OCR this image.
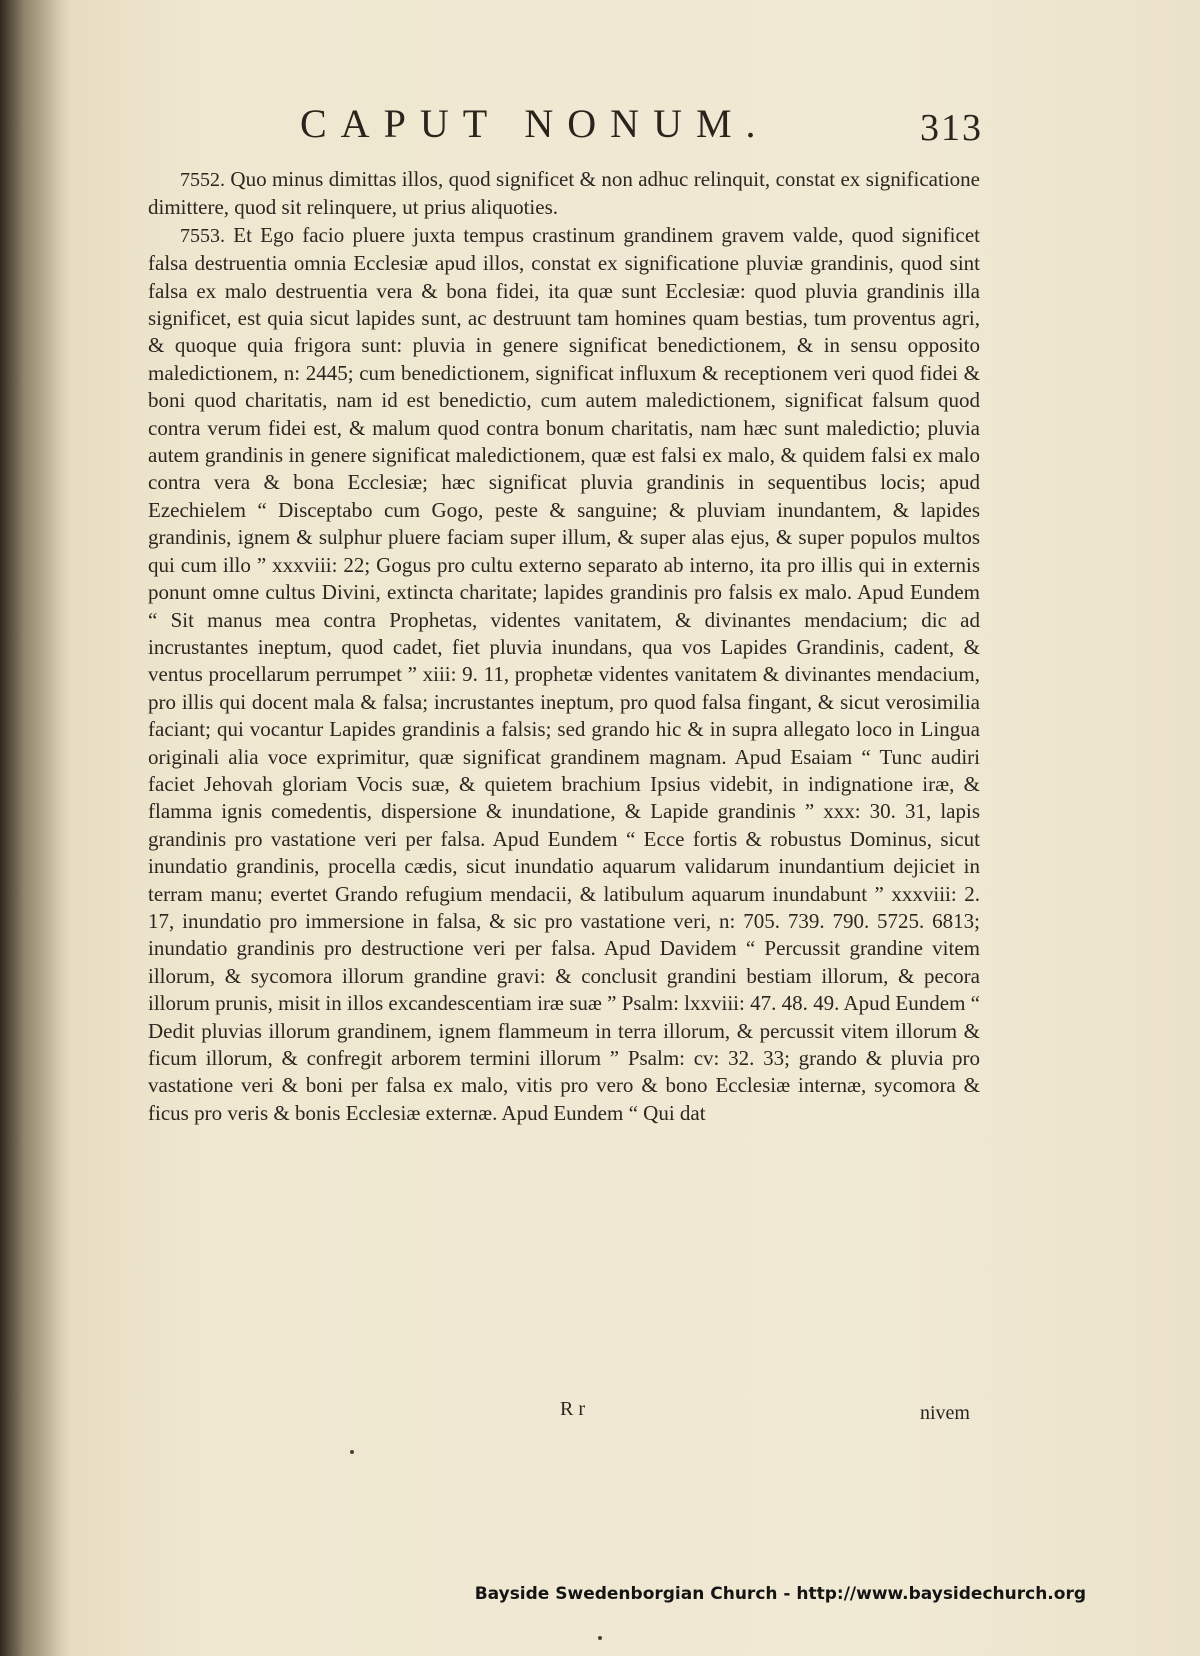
CAPUT NONUM.	313

7552. Quo minus dimittas illos, quod significet & non adhuc relinquit, constat ex significatione dimittere, quod sit relinquere, ut prius aliquoties.

7553. Et Ego facio pluere juxta tempus crastinum grandinem gravem valde, quod significet falsa destruentia omnia Ecclesiæ apud illos, constat ex significatione pluviæ grandinis, quod sint falsa ex malo destruentia vera & bona fidei, ita quæ sunt Ecclesiæ: quod pluvia grandinis illa significet, est quia sicut lapides sunt, ac destruunt tam homines quam bestias, tum proventus agri, & quoque quia frigora sunt: pluvia in genere significat benedictionem, & in sensu opposito maledictionem, n: 2445; cum benedictionem, significat influxum & receptionem veri quod fidei & boni quod charitatis, nam id est benedictio, cum autem maledictionem, significat falsum quod contra verum fidei est, & malum quod contra bonum charitatis, nam hæc sunt maledictio; pluvia autem grandinis in genere significat maledictionem, quæ est falsi ex malo, & quidem falsi ex malo contra vera & bona Ecclesiæ; hæc significat pluvia grandinis in sequentibus locis; apud Ezechielem “ Disceptabo cum Gogo, peste & sanguine; & pluviam inundantem, & lapides grandinis, ignem & sulphur pluere faciam super illum, & super alas ejus, & super populos multos qui cum illo ” xxxviii: 22; Gogus pro cultu externo separato ab interno, ita pro illis qui in externis ponunt omne cultus Divini, extincta charitate; lapides grandinis pro falsis ex malo. Apud Eundem “ Sit manus mea contra Prophetas, videntes vanitatem, & divinantes mendacium; dic ad incrustantes ineptum, quod cadet, fiet pluvia inundans, qua vos Lapides Grandinis, cadent, & ventus procellarum perrumpet ” xiii: 9. 11, prophetæ videntes vanitatem & divinantes mendacium, pro illis qui docent mala & falsa; incrustantes ineptum, pro quod falsa fingant, & sicut verosimilia faciant; qui vocantur Lapides grandinis a falsis; sed grando hic & in supra allegato loco in Lingua originali alia voce exprimitur, quæ significat grandinem magnam. Apud Esaiam “ Tunc audiri faciet Jehovah gloriam Vocis suæ, & quietem brachium Ipsius videbit, in indignatione iræ, & flamma ignis comedentis, dispersione & inundatione, & Lapide grandinis ” xxx: 30. 31, lapis grandinis pro vastatione veri per falsa. Apud Eundem “ Ecce fortis & robustus Dominus, sicut inundatio grandinis, procella cædis, sicut inundatio aquarum validarum inundantium dejiciet in terram manu; evertet Grando refugium mendacii, & latibulum aquarum inundabunt ” xxxviii: 2. 17, inundatio pro immersione in falsa, & sic pro vastatione veri, n: 705. 739. 790. 5725. 6813; inundatio grandinis pro destructione veri per falsa. Apud Davidem “ Percussit grandine vitem illorum, & sycomora illorum grandine gravi: & conclusit grandini bestiam illorum, & pecora illorum prunis, misit in illos excandescentiam iræ suæ ” Psalm: lxxviii: 47. 48. 49. Apud Eundem “ Dedit pluvias illorum grandinem, ignem flammeum in terra illorum, & percussit vitem illorum & ficum illorum, & confregit arborem termini illorum ” Psalm: cv: 32. 33; grando & pluvia pro vastatione veri & boni per falsa ex malo, vitis pro vero & bono Ecclesiæ internæ, sycomora & ficus pro veris & bonis Ecclesiæ externæ. Apud Eundem “ Qui dat

R r	nivem
Bayside Swedenborgian Church - http://www.baysidechurch.org
